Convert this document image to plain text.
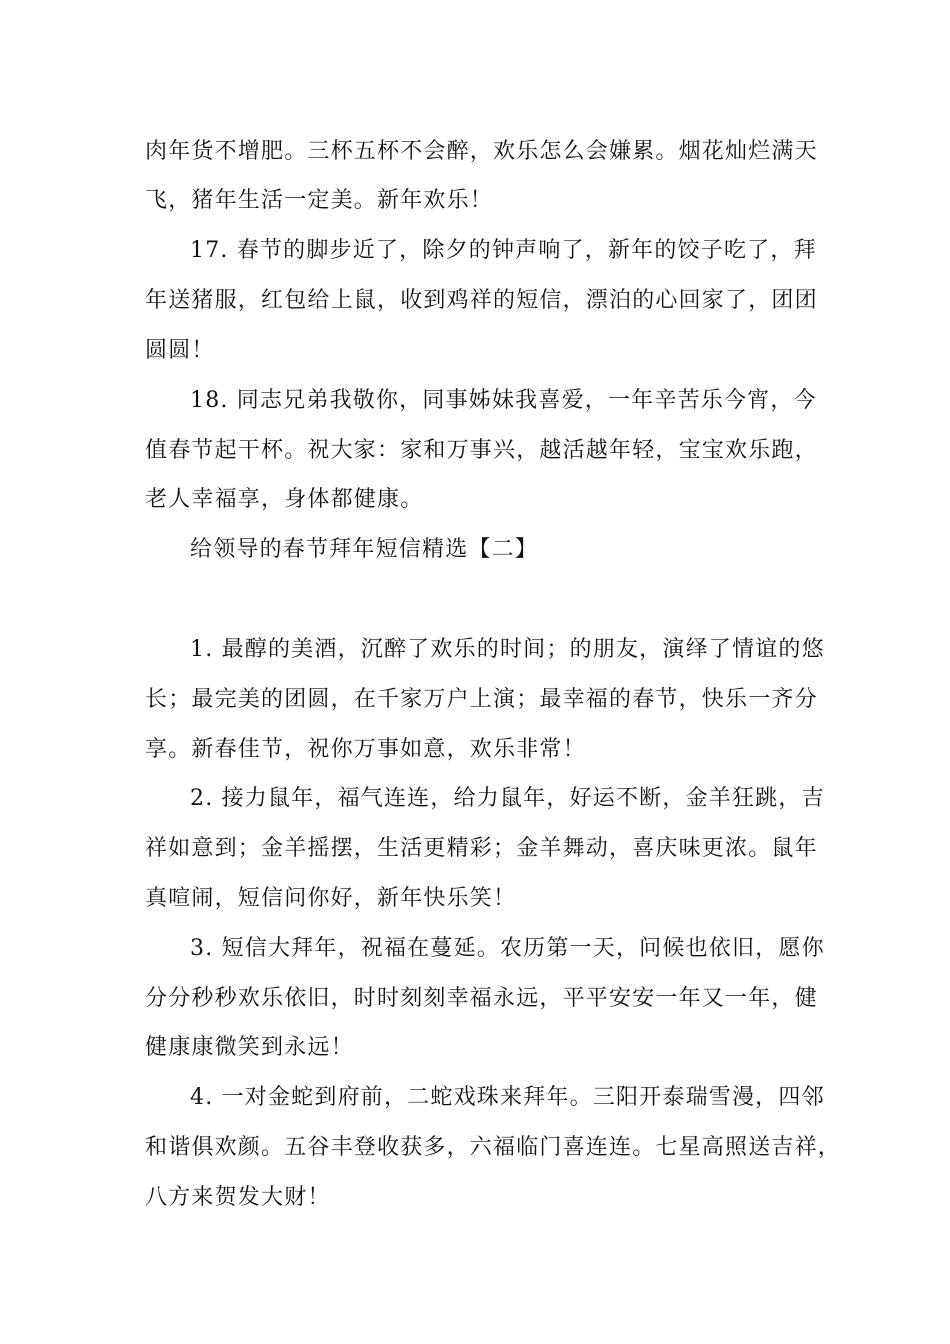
肉年货不增肥。三杯五杯不会醉，欢乐怎么会嫌累。烟花灿烂满天
飞，猪年生活一定美。新年欢乐！
17. 春节的脚步近了，除夕的钟声响了，新年的饺子吃了，拜
年送猪服，红包给上鼠，收到鸡祥的短信，漂泊的心回家了，团团
圆圆！
18. 同志兄弟我敬你，同事姊妹我喜爱，一年辛苦乐今宵，今
值春节起干杯。祝大家：家和万事兴，越活越年轻，宝宝欢乐跑，
老人幸福享，身体都健康。
给领导的春节拜年短信精选【二】
1. 最醇的美酒，沉醉了欢乐的时间；的朋友，演绎了情谊的悠
长；最完美的团圆，在千家万户上演；最幸福的春节，快乐一齐分
享。新春佳节，祝你万事如意，欢乐非常！
2. 接力鼠年，福气连连，给力鼠年，好运不断，金羊狂跳，吉
祥如意到；金羊摇摆，生活更精彩；金羊舞动，喜庆味更浓。鼠年
真喧闹，短信问你好，新年快乐笑！
3. 短信大拜年，祝福在蔓延。农历第一天，问候也依旧，愿你
分分秒秒欢乐依旧，时时刻刻幸福永远，平平安安一年又一年，健
健康康微笑到永远！
4. 一对金蛇到府前，二蛇戏珠来拜年。三阳开泰瑞雪漫，四邻
和谐俱欢颜。五谷丰登收获多，六福临门喜连连。七星高照送吉祥，
八方来贺发大财！
